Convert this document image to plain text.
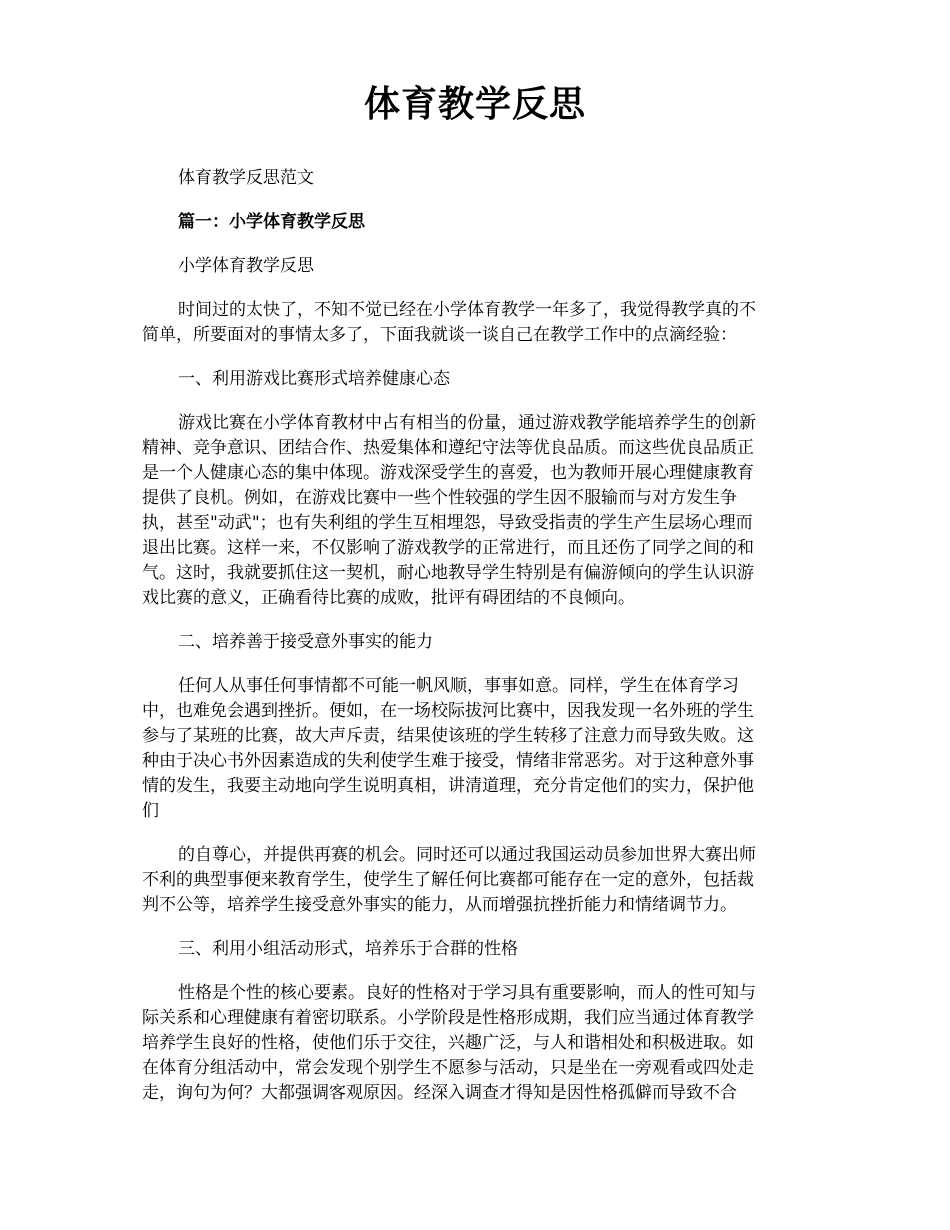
体育教学反思
体育教学反思范文
篇一：小学体育教学反思
小学体育教学反思
时间过的太快了，不知不觉已经在小学体育教学一年多了，我觉得教学真的不
简单，所要面对的事情太多了，下面我就谈一谈自己在教学工作中的点滴经验：
一、利用游戏比赛形式培养健康心态
游戏比赛在小学体育教材中占有相当的份量，通过游戏教学能培养学生的创新
精神、竞争意识、团结合作、热爱集体和遵纪守法等优良品质。而这些优良品质正
是一个人健康心态的集中体现。游戏深受学生的喜爱，也为教师开展心理健康教育
提供了良机。例如，在游戏比赛中一些个性较强的学生因不服输而与对方发生争
执，甚至"动武"；也有失利组的学生互相埋怨，导致受指责的学生产生层场心理而
退出比赛。这样一来，不仅影响了游戏教学的正常进行，而且还伤了同学之间的和
气。这时，我就要抓住这一契机，耐心地教导学生特别是有偏游倾向的学生认识游
戏比赛的意义，正确看待比赛的成败，批评有碍团结的不良倾向。
二、培养善于接受意外事实的能力
任何人从事任何事情都不可能一帆风顺，事事如意。同样，学生在体育学习
中，也难免会遇到挫折。便如，在一场校际拔河比赛中，因我发现一名外班的学生
参与了某班的比赛，故大声斥责，结果使该班的学生转移了注意力而导致失败。这
种由于决心书外因素造成的失利使学生难于接受，情绪非常恶劣。对于这种意外事
情的发生，我要主动地向学生说明真相，讲清道理，充分肯定他们的实力，保护他
们
的自尊心，并提供再赛的机会。同时还可以通过我国运动员参加世界大赛出师
不利的典型事便来教育学生，使学生了解任何比赛都可能存在一定的意外，包括裁
判不公等，培养学生接受意外事实的能力，从而增强抗挫折能力和情绪调节力。
三、利用小组活动形式，培养乐于合群的性格
性格是个性的核心要素。良好的性格对于学习具有重要影响，而人的性可知与
际关系和心理健康有着密切联系。小学阶段是性格形成期，我们应当通过体育教学
培养学生良好的性格，使他们乐于交往，兴趣广泛，与人和谐相处和积极进取。如
在体育分组活动中，常会发现个别学生不愿参与活动，只是坐在一旁观看或四处走
走，询句为何？大都强调客观原因。经深入调查才得知是因性格孤僻而导致不合
